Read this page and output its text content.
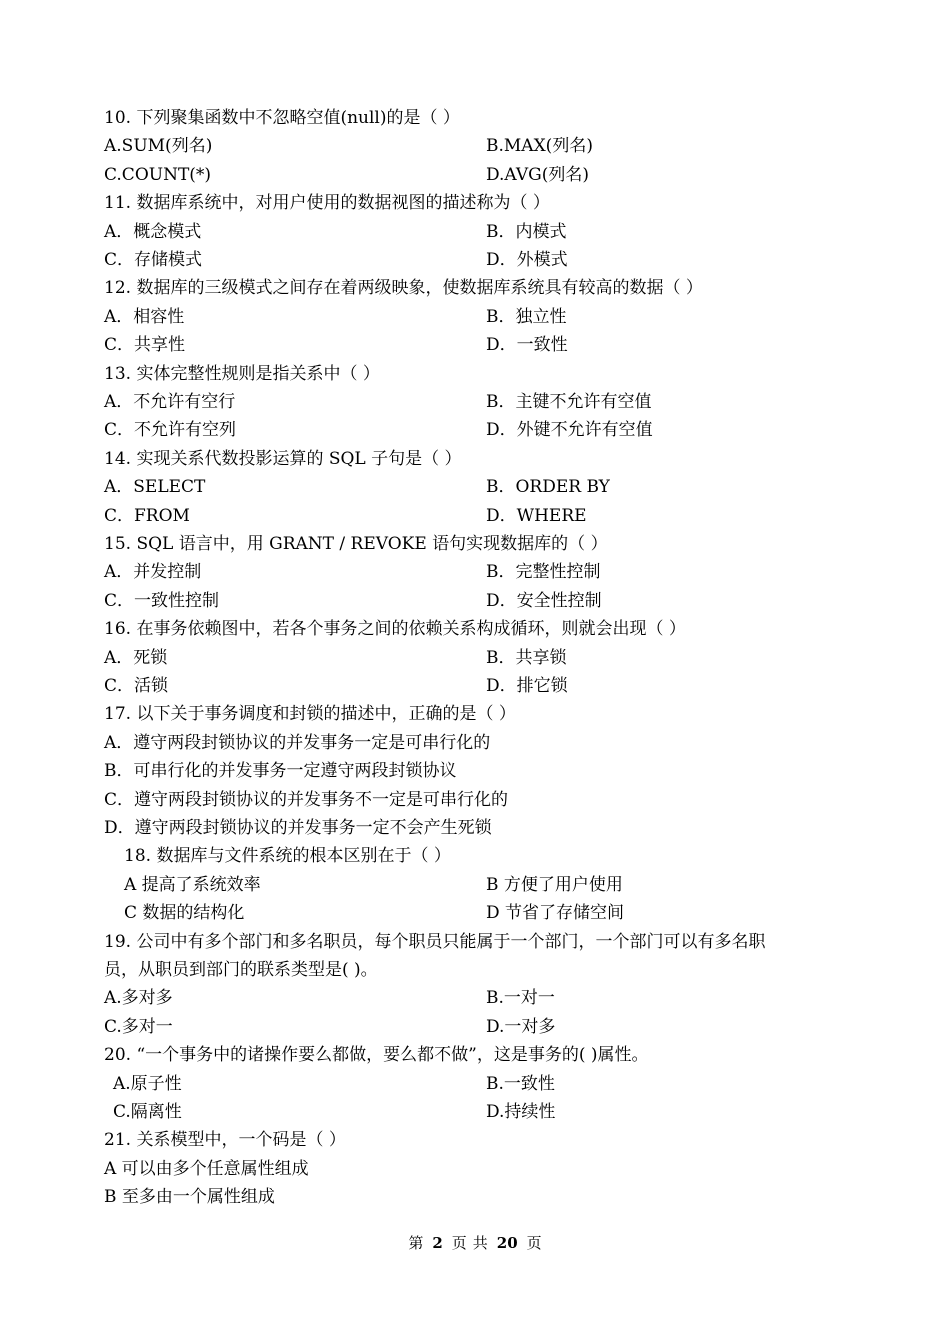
10. 下列聚集函数中不忽略空值(null)的是（ ）
A.SUM(列名)	B.MAX(列名)
C.COUNT(*)	D.AVG(列名)
11. 数据库系统中，对用户使用的数据视图的描述称为（ ）
A．概念模式	B．内模式
C．存储模式	D．外模式
12. 数据库的三级模式之间存在着两级映象，使数据库系统具有较高的数据（ ）
A．相容性	B．独立性
C．共享性	D．一致性
13. 实体完整性规则是指关系中（ ）
A．不允许有空行	B．主键不允许有空值
C．不允许有空列	D．外键不允许有空值
14. 实现关系代数投影运算的 SQL 子句是（ ）
A．SELECT	B．ORDER BY
C．FROM	D．WHERE
15. SQL 语言中，用 GRANT / REVOKE 语句实现数据库的（ ）
A．并发控制	B．完整性控制
C．一致性控制	D．安全性控制
16. 在事务依赖图中，若各个事务之间的依赖关系构成循环，则就会出现（ ）
A．死锁	B．共享锁
C．活锁	D．排它锁
17. 以下关于事务调度和封锁的描述中，正确的是（ ）
A．遵守两段封锁协议的并发事务一定是可串行化的
B．可串行化的并发事务一定遵守两段封锁协议
C．遵守两段封锁协议的并发事务不一定是可串行化的
D．遵守两段封锁协议的并发事务一定不会产生死锁
18. 数据库与文件系统的根本区别在于（ ）
A 提高了系统效率	B 方便了用户使用
C 数据的结构化	D 节省了存储空间
19. 公司中有多个部门和多名职员，每个职员只能属于一个部门，一个部门可以有多名职
员，从职员到部门的联系类型是( )。
A.多对多	B.一对一
C.多对一	D.一对多
20. “一个事务中的诸操作要么都做，要么都不做”，这是事务的( )属性。
A.原子性	B.一致性
C.隔离性	D.持续性
21. 关系模型中，一个码是（ ）
A 可以由多个任意属性组成
B 至多由一个属性组成
第 2 页 共 20 页
